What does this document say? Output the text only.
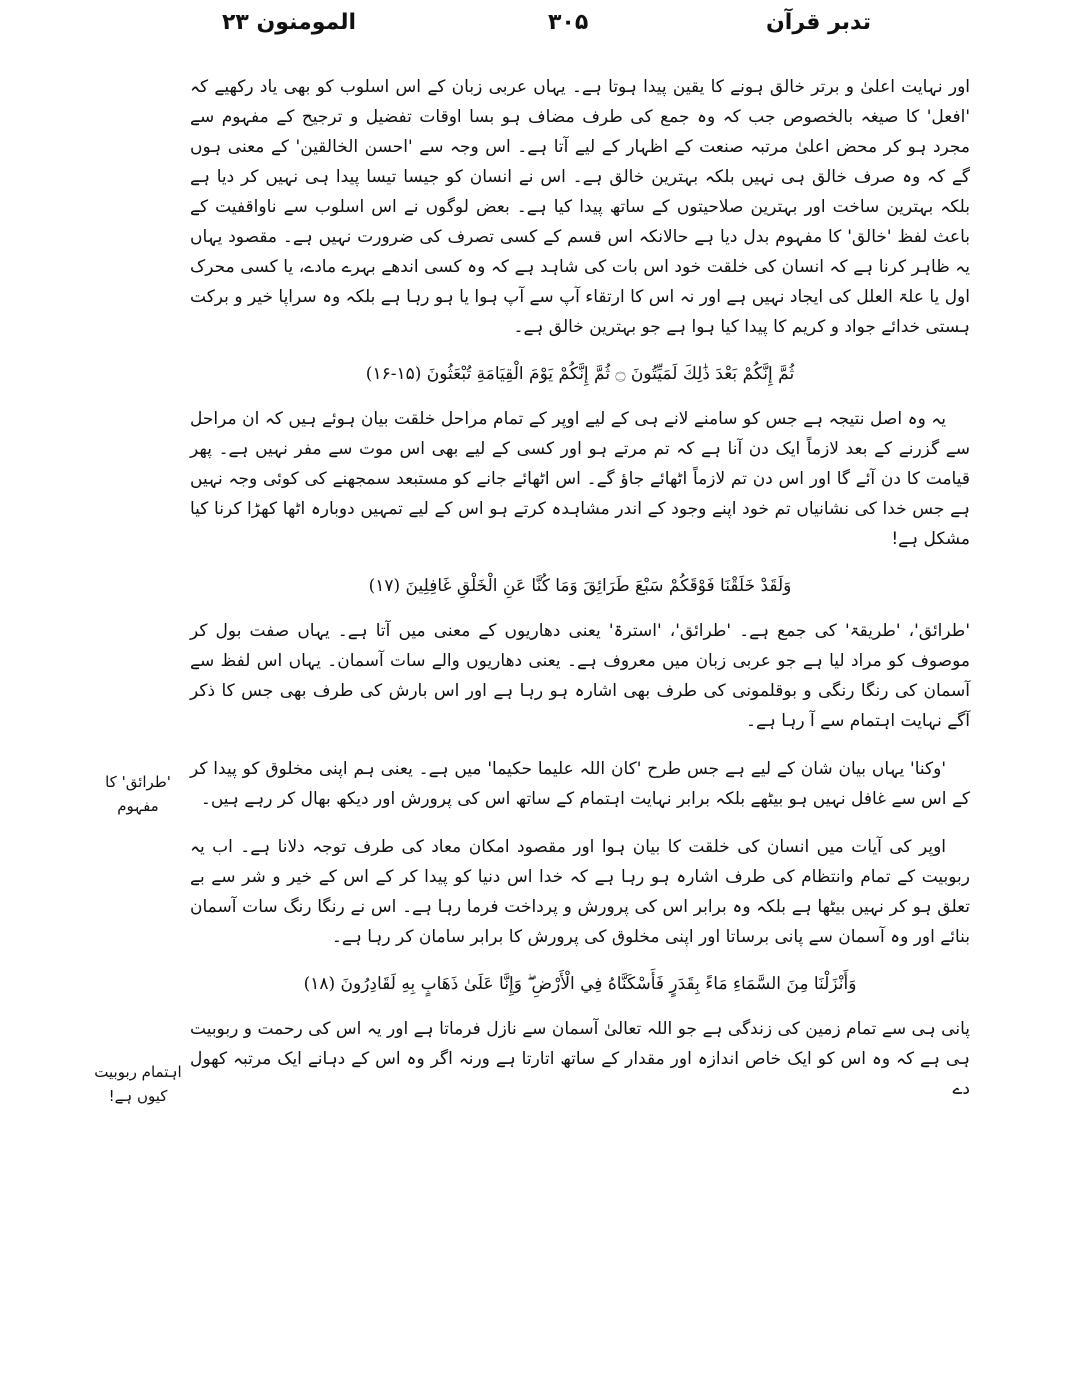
تدبر قرآن
۳۰۵
المومنون ۲۳

اور نہایت اعلیٰ و برتر خالق ہونے کا یقین پیدا ہوتا ہے۔ یہاں عربی زبان کے اس اسلوب کو بھی یاد رکھیے کہ 'افعل' کا صیغہ بالخصوص جب کہ وہ جمع کی طرف مضاف ہو بسا اوقات تفضیل و ترجیح کے مفہوم سے مجرد ہو کر محض اعلیٰ مرتبہ صنعت کے اظہار کے لیے آتا ہے۔ اس وجہ سے 'احسن الخالقین' کے معنی ہوں گے کہ وہ صرف خالق ہی نہیں بلکہ بہترین خالق ہے۔ اس نے انسان کو جیسا تیسا پیدا ہی نہیں کر دیا ہے بلکہ بہترین ساخت اور بہترین صلاحیتوں کے ساتھ پیدا کیا ہے۔ بعض لوگوں نے اس اسلوب سے ناواقفیت کے باعث لفظ 'خالق' کا مفہوم بدل دیا ہے حالانکہ اس قسم کے کسی تصرف کی ضرورت نہیں ہے۔ مقصود یہاں یہ ظاہر کرنا ہے کہ انسان کی خلقت خود اس بات کی شاہد ہے کہ وہ کسی اندھے بہرے مادے، یا کسی محرک اول یا علۃ العلل کی ایجاد نہیں ہے اور نہ اس کا ارتقاء آپ سے آپ ہوا یا ہو رہا ہے بلکہ وہ سراپا خیر و برکت ہستی خدائے جواد و کریم کا پیدا کیا ہوا ہے جو بہترین خالق ہے۔

ثُمَّ إِنَّكُمْ بَعْدَ ذَٰلِكَ لَمَيِّتُونَ ۝ ثُمَّ إِنَّكُمْ يَوْمَ الْقِيَامَةِ تُبْعَثُونَ (۱۵-۱۶)

یہ وہ اصل نتیجہ ہے جس کو سامنے لانے ہی کے لیے اوپر کے تمام مراحل خلقت بیان ہوئے ہیں کہ ان مراحل سے گزرنے کے بعد لازماً ایک دن آنا ہے کہ تم مرتے ہو اور کسی کے لیے بھی اس موت سے مفر نہیں ہے۔ پھر قیامت کا دن آئے گا اور اس دن تم لازماً اٹھائے جاؤ گے۔ اس اٹھائے جانے کو مستبعد سمجھنے کی کوئی وجہ نہیں ہے جس خدا کی نشانیاں تم خود اپنے وجود کے اندر مشاہدہ کرتے ہو اس کے لیے تمہیں دوبارہ اٹھا کھڑا کرنا کیا مشکل ہے!

وَلَقَدْ خَلَقْنَا فَوْقَكُمْ سَبْعَ طَرَائِقَ وَمَا كُنَّا عَنِ الْخَلْقِ غَافِلِينَ (۱۷)

'طرائق'، 'طریقۃ' کی جمع ہے۔ 'طرائق'، 'استرۃ' یعنی دھاریوں کے معنی میں آتا ہے۔ یہاں صفت بول کر موصوف کو مراد لیا ہے جو عربی زبان میں معروف ہے۔ یعنی دھاریوں والے سات آسمان۔ یہاں اس لفظ سے آسمان کی رنگا رنگی و بوقلمونی کی طرف بھی اشارہ ہو رہا ہے اور اس بارش کی طرف بھی جس کا ذکر آگے نہایت اہتمام سے آ رہا ہے۔

'وکنا' یہاں بیان شان کے لیے ہے جس طرح 'کان اللہ علیما حکیما' میں ہے۔ یعنی ہم اپنی مخلوق کو پیدا کر کے اس سے غافل نہیں ہو بیٹھے بلکہ برابر نہایت اہتمام کے ساتھ اس کی پرورش اور دیکھ بھال کر رہے ہیں۔

اوپر کی آیات میں انسان کی خلقت کا بیان ہوا اور مقصود امکان معاد کی طرف توجہ دلانا ہے۔ اب یہ ربوبیت کے تمام وانتظام کی طرف اشارہ ہو رہا ہے کہ خدا اس دنیا کو پیدا کر کے اس کے خیر و شر سے بے تعلق ہو کر نہیں بیٹھا ہے بلکہ وہ برابر اس کی پرورش و پرداخت فرما رہا ہے۔ اس نے رنگا رنگ سات آسمان بنائے اور وہ آسمان سے پانی برساتا اور اپنی مخلوق کی پرورش کا برابر سامان کر رہا ہے۔

وَأَنْزَلْنَا مِنَ السَّمَاءِ مَاءً بِقَدَرٍ فَأَسْكَنَّاهُ فِي الْأَرْضِ ۖ وَإِنَّا عَلَىٰ ذَهَابٍ بِهِ لَقَادِرُونَ (۱۸)

پانی ہی سے تمام زمین کی زندگی ہے جو اللہ تعالیٰ آسمان سے نازل فرماتا ہے اور یہ اس کی رحمت و ربوبیت ہی ہے کہ وہ اس کو ایک خاص اندازہ اور مقدار کے ساتھ اتارتا ہے ورنہ اگر وہ اس کے دہانے ایک مرتبہ کھول دے

'طرائق' کا مفہوم
اہتمام ربوبیت کیوں ہے!
